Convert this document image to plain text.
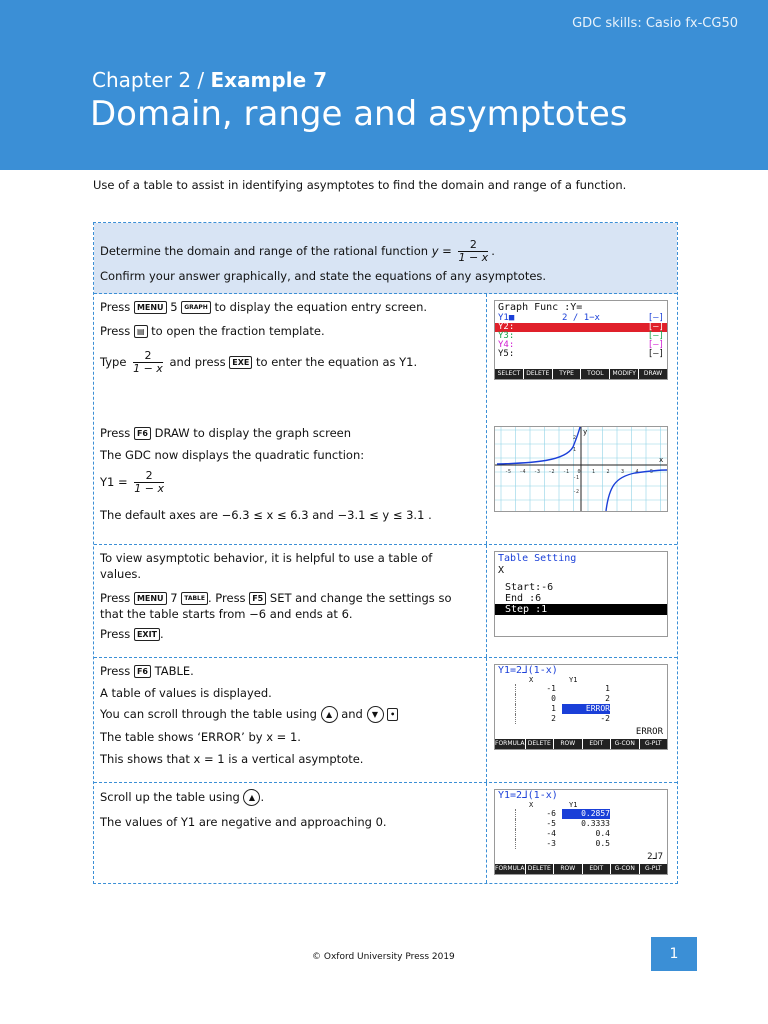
GDC skills: Casio fx-CG50
Chapter 2 / Example 7
Domain, range and asymptotes
Use of a table to assist in identifying asymptotes to find the domain and range of a function.
Determine the domain and range of the rational function $y = \frac{2}{1 - x}$ .
Confirm your answer graphically, and state the equations of any asymptotes.
Press MENU 5 GRAPH to display the equation entry screen.
Press ▤ to open the fraction template.
Type $\frac{2}{1 - x}$ and press EXE to enter the equation as Y1.
Press F6 DRAW to display the graph screen
The GDC now displays the quadratic function:
$Y1 = \frac{2}{1 - x}$
The default axes are −6.3 ≤ x ≤ 6.3 and −3.1 ≤ y ≤ 3.1 .
Graph Func :Y=
Y1■	2 / 1−x	[—]
Y2:	[—]
Y3:	[—]
Y4:	[—]
Y5:	[—]
SELECT	DELETE	TYPE	TOOL	MODIFY	DRAW
-5 -4 -3 -2 -1 0 1 2 3 4 5
2
1
-1
-2
x
y
To view asymptotic behavior, it is helpful to use a table of
values.
Press MENU 7 TABLE . Press F5 SET and change the settings so
that the table starts from −6 and ends at 6.
Press EXIT .
Table Setting
X
Start:-6
End :6
Step :1
Press F6 TABLE.
A table of values is displayed.
You can scroll through the table using ▲ and ▼ •
The table shows ‘ERROR’ by x = 1.
This shows that x = 1 is a vertical asymptote.
Y1=2⅃(1-x)
X	Y1
-1	1
0	2
1	ERROR
2	-2
ERROR
FORMULA DELETE	ROW	EDIT	G-CON	G-PLT
Scroll up the table using ▲ .
The values of Y1 are negative and approaching 0.
Y1=2⅃(1-x)
X	Y1
-6	0.2857
-5	0.3333
-4	0.4
-3	0.5
2⅃7
FORMULA DELETE	ROW	EDIT	G-CON	G-PLT
© Oxford University Press 2019	1
